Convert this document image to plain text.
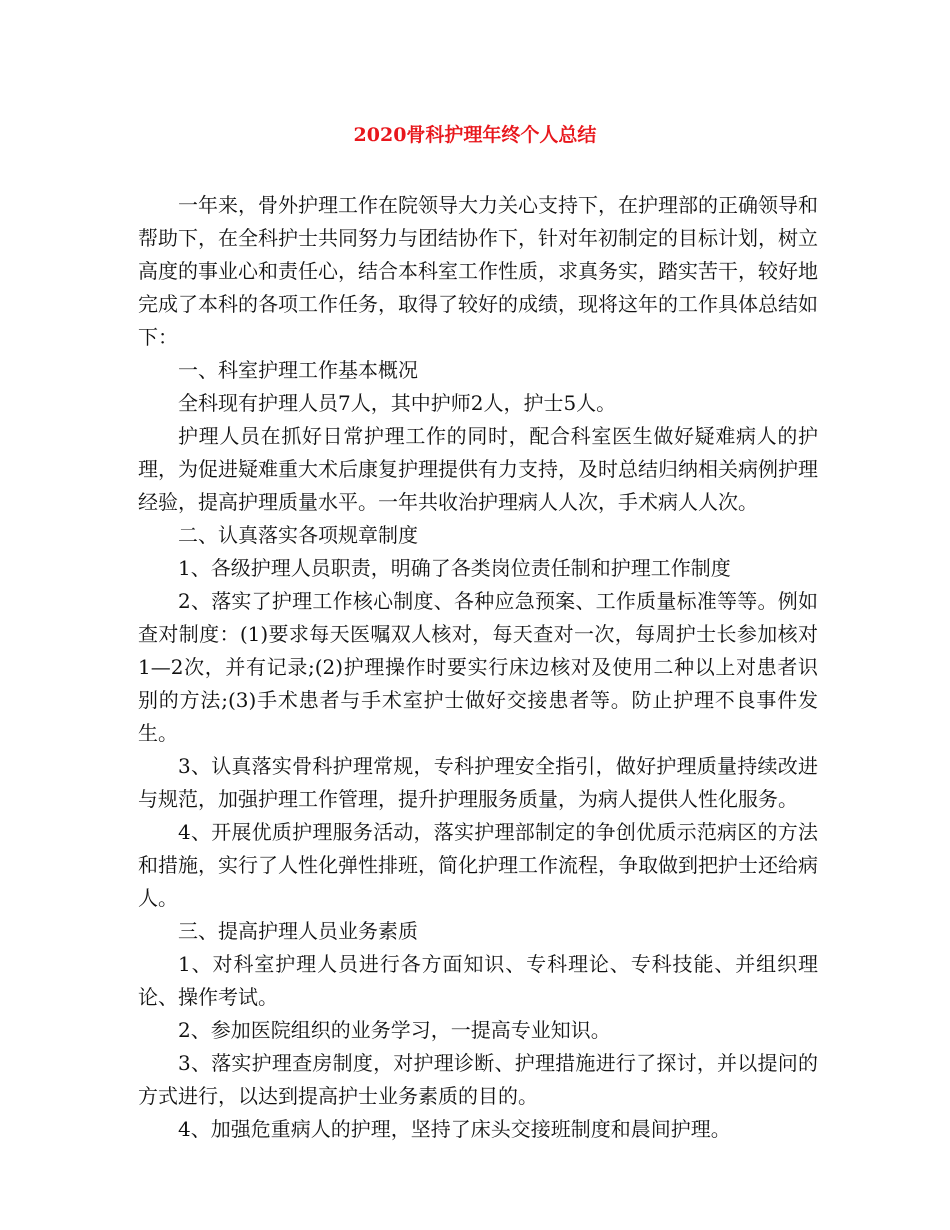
2020骨科护理年终个人总结

一年来，骨外护理工作在院领导大力关心支持下，在护理部的正确领导和帮助下，在全科护士共同努力与团结协作下，针对年初制定的目标计划，树立高度的事业心和责任心，结合本科室工作性质，求真务实，踏实苦干，较好地完成了本科的各项工作任务，取得了较好的成绩，现将这年的工作具体总结如下：

一、科室护理工作基本概况

全科现有护理人员7人，其中护师2人，护士5人。

护理人员在抓好日常护理工作的同时，配合科室医生做好疑难病人的护理，为促进疑难重大术后康复护理提供有力支持，及时总结归纳相关病例护理经验，提高护理质量水平。一年共收治护理病人人次，手术病人人次。

二、认真落实各项规章制度

1、各级护理人员职责，明确了各类岗位责任制和护理工作制度

2、落实了护理工作核心制度、各种应急预案、工作质量标准等等。例如查对制度：(1)要求每天医嘱双人核对，每天查对一次，每周护士长参加核对1—2次，并有记录;(2)护理操作时要实行床边核对及使用二种以上对患者识别的方法;(3)手术患者与手术室护士做好交接患者等。防止护理不良事件发生。

3、认真落实骨科护理常规，专科护理安全指引，做好护理质量持续改进与规范，加强护理工作管理，提升护理服务质量，为病人提供人性化服务。

4、开展优质护理服务活动，落实护理部制定的争创优质示范病区的方法和措施，实行了人性化弹性排班，简化护理工作流程，争取做到把护士还给病人。

三、提高护理人员业务素质

1、对科室护理人员进行各方面知识、专科理论、专科技能、并组织理论、操作考试。

2、参加医院组织的业务学习，一提高专业知识。

3、落实护理查房制度，对护理诊断、护理措施进行了探讨，并以提问的方式进行，以达到提高护士业务素质的目的。

4、加强危重病人的护理，坚持了床头交接班制度和晨间护理。
